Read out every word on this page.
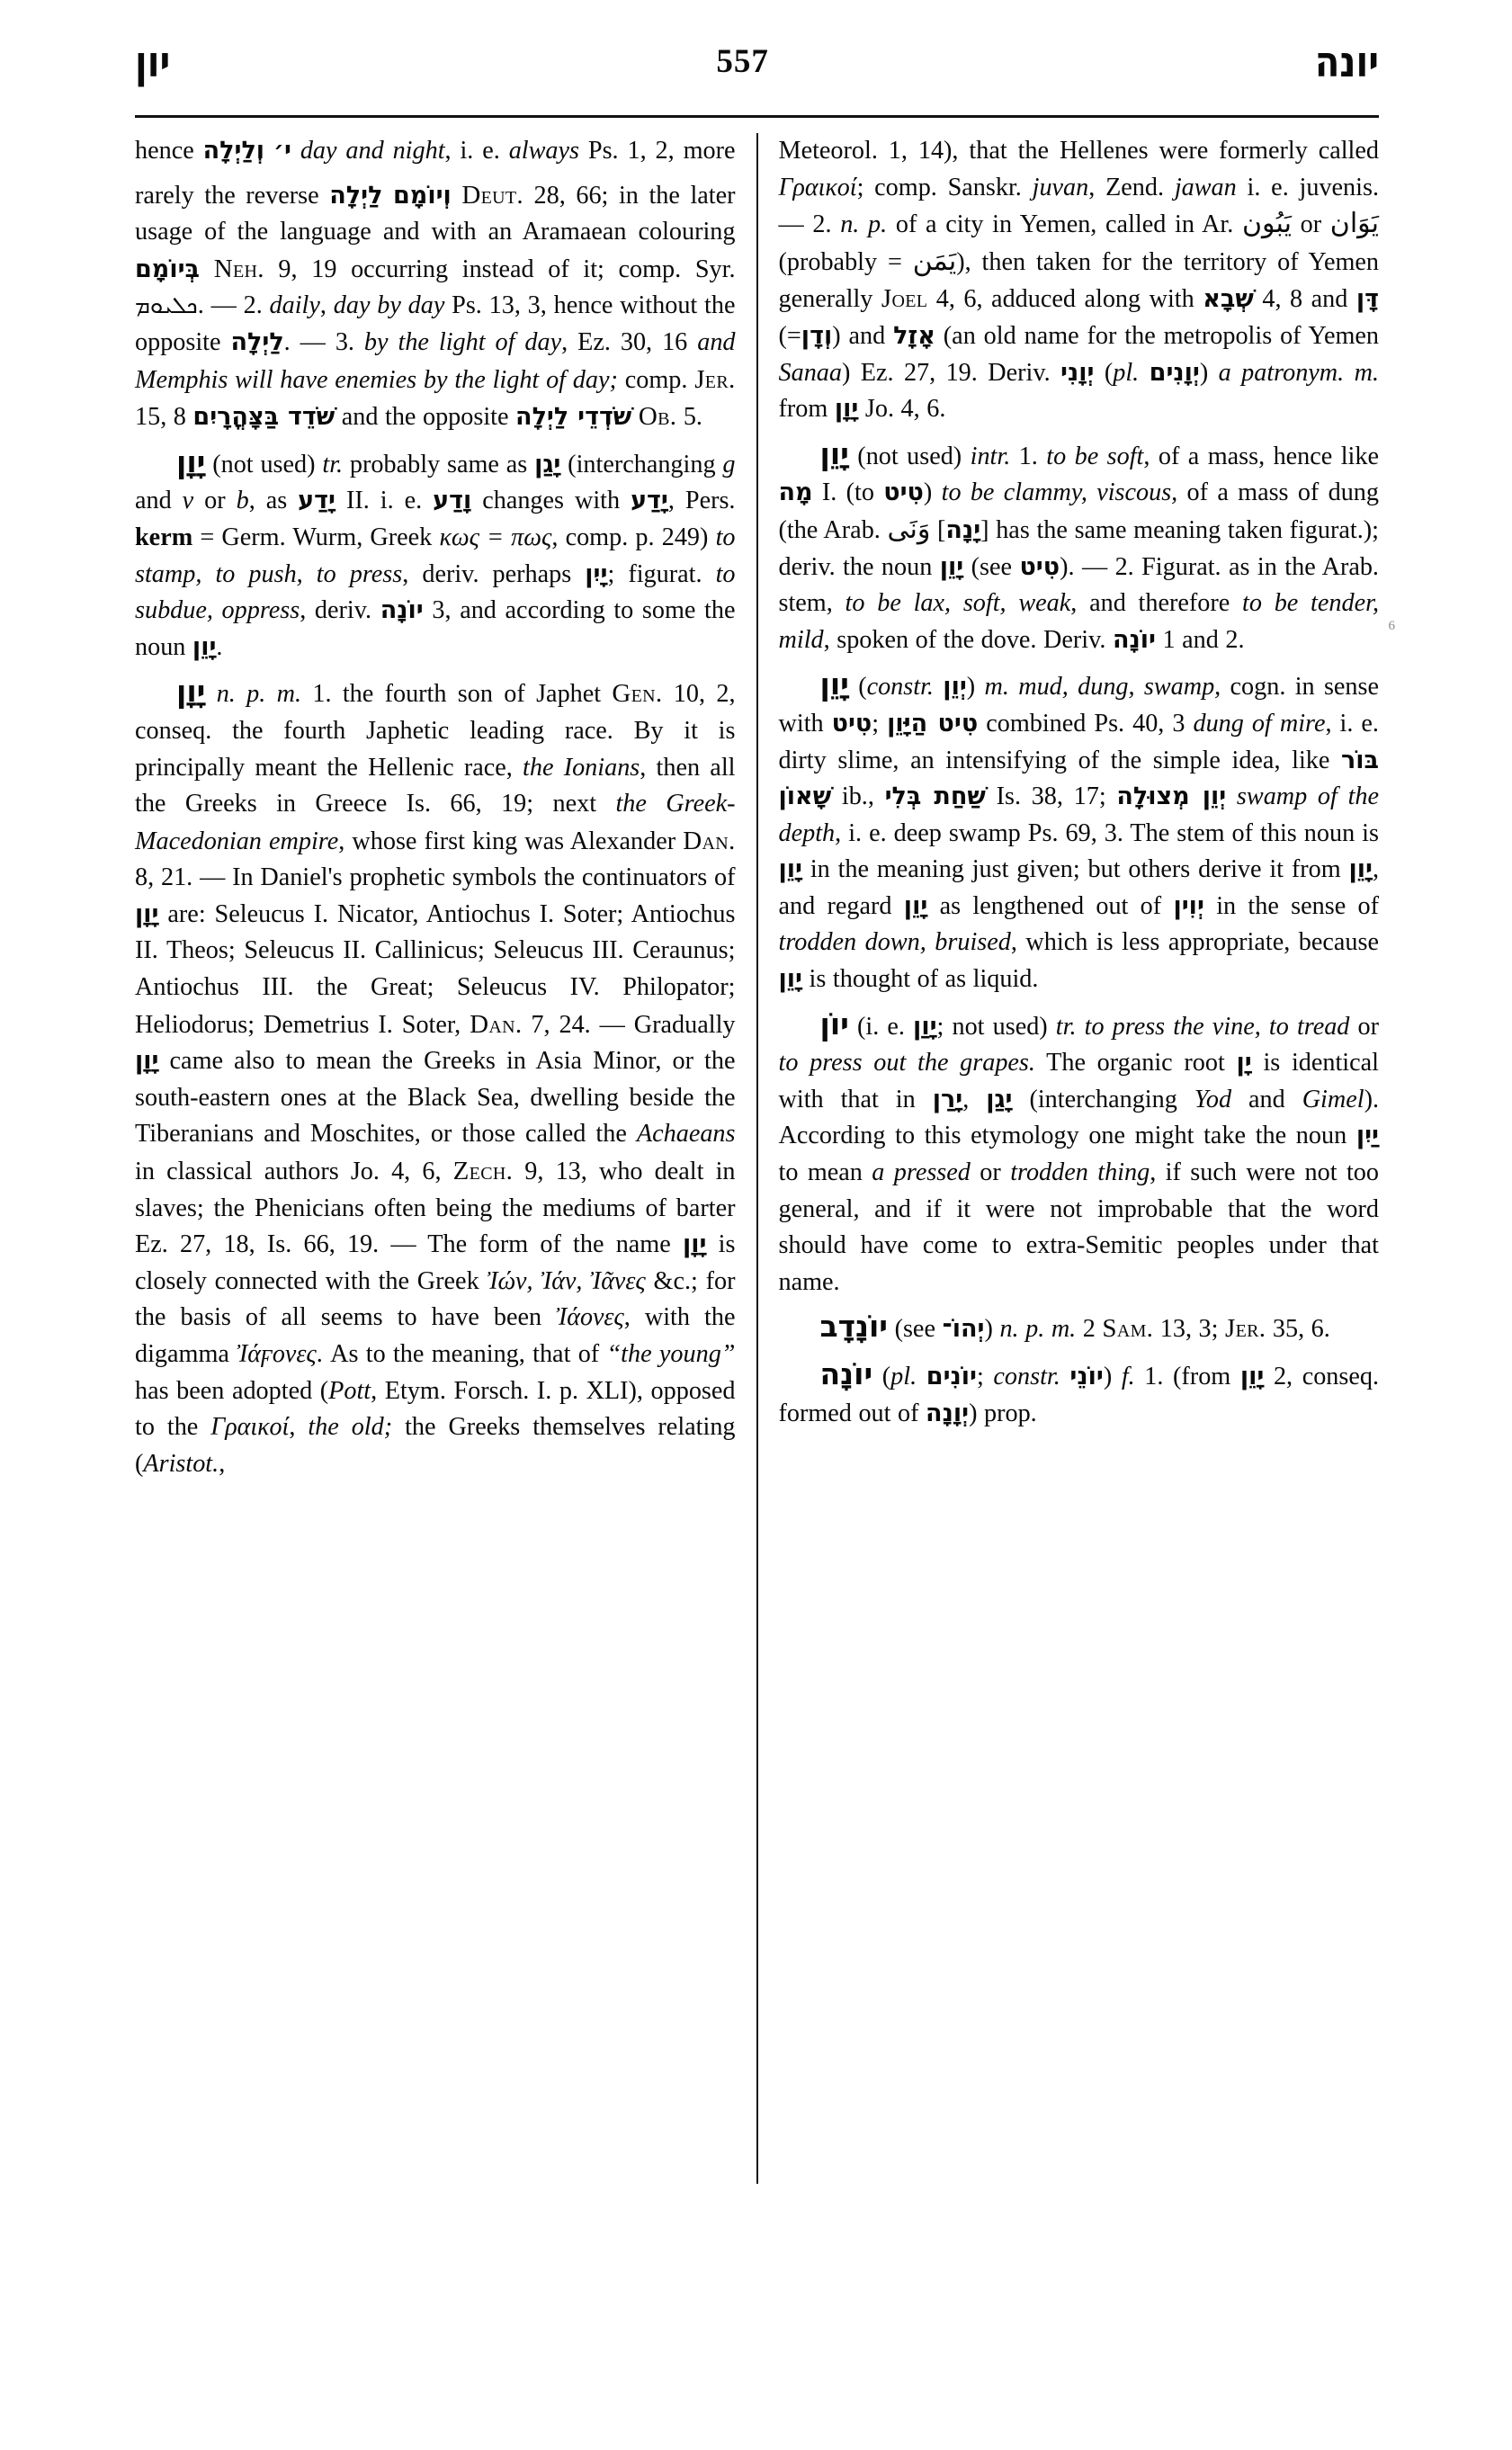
יון	557	יונה
hence וְלַיְלָה י׳ day and night, i. e. always Ps. 1, 2, more rarely the reverse לַיְלָה וְיוֹמָם Deut. 28, 66; in the later usage of the language and with an Aramaean colouring בְּיוֹמָם Neh. 9, 19 occurring instead of it; comp. Syr. ܟܠܝܘܡ. — 2. daily, day by day Ps. 13, 3, hence without the opposite לַיְלָה. — 3. by the light of day, Ez. 30, 16 and Memphis will have enemies by the light of day; comp. Jer. 15, 8 שֹׁדֵד בַּצָּהֳרָיִם and the opposite שֹׁדְדֵי לַיְלָה Ob. 5.
יָוָן (not used) tr. probably same as יָגַן (interchanging g and v or b, as יָדַע II. i. e. וָדַע changes with יָדַע, Pers. kerm = Germ. Wurm, Greek κως = πως, comp. p. 249) to stamp, to push, to press, deriv. perhaps יָיִן; figurat. to subdue, oppress, deriv. יוֹנָה 3, and according to some the noun יָוֵן.
יָוָן n. p. m. 1. the fourth son of Japhet Gen. 10, 2, conseq. the fourth Japhetic leading race. By it is principally meant the Hellenic race, the Ionians, then all the Greeks in Greece Is. 66, 19; next the Greek-Macedonian empire, whose first king was Alexander Dan. 8, 21. — In Daniel's prophetic symbols the continuators of יָוָן are: Seleucus I. Nicator, Antiochus I. Soter; Antiochus II. Theos; Seleucus II. Callinicus; Seleucus III. Ceraunus; Antiochus III. the Great; Seleucus IV. Philopator; Heliodorus; Demetrius I. Soter, Dan. 7, 24. — Gradually יָוָן came also to mean the Greeks in Asia Minor, or the south-eastern ones at the Black Sea, dwelling beside the Tiberanians and Moschites, or those called the Achaeans in classical authors Jo. 4, 6, Zech. 9, 13, who dealt in slaves; the Phenicians often being the mediums of barter Ez. 27, 18, Is. 66, 19. — The form of the name יָוָן is closely connected with the Greek Ἰών, Ἰάν, Ἰᾶνες &c.; for the basis of all seems to have been Ἰάονες, with the digamma Ἰάϝονες. As to the meaning, that of “the young” has been adopted (Pott, Etym. Forsch. I. p. XLI), opposed to the Γραικοί, the old; the Greeks themselves relating (Aristot.,
Meteorol. 1, 14), that the Hellenes were formerly called Γραικοί; comp. Sanskr. juvan, Zend. jawan i. e. juvenis. — 2. n. p. of a city in Yemen, called in Ar. يَبُون or يَوَان (probably = يَمَن), then taken for the territory of Yemen generally Joel 4, 6, adduced along with שְׁבָא 4, 8 and דָּן (=וְדָן) and אָזָל (an old name for the metropolis of Yemen Sanaa) Ez. 27, 19. Deriv. יְוָנִי (pl. יְוָנִים) a patronym. m. from יָוָן Jo. 4, 6.
יָוֵן (not used) intr. 1. to be soft, of a mass, hence like מָה I. (to טִיט) to be clammy, viscous, of a mass of dung (the Arab. وَنَى [יָנָה] has the same meaning taken figurat.); deriv. the noun יָוֵן (see טִיט). — 2. Figurat. as in the Arab. stem, to be lax, soft, weak, and therefore to be tender, mild, spoken of the dove. Deriv. יוֹנָה 1 and 2.
יָוֵן (constr. יְוֵן) m. mud, dung, swamp, cogn. in sense with טִיט; טִיט הַיָּוֵן combined Ps. 40, 3 dung of mire, i. e. dirty slime, an intensifying of the simple idea, like בּוֹר שָׁאוֹן ib., שַׁחַת בְּלִי Is. 38, 17; יְוֵן מְצוּלָה swamp of the depth, i. e. deep swamp Ps. 69, 3. The stem of this noun is יָוֵן in the meaning just given; but others derive it from יָוֵן, and regard יָוֵן as lengthened out of יְוִין in the sense of trodden down, bruised, which is less appropriate, because יָוֵן is thought of as liquid.
יוֹן (i. e. יָוַן; not used) tr. to press the vine, to tread or to press out the grapes. The organic root יָן is identical with that in יָרַן, יָגַן (interchanging Yod and Gimel). According to this etymology one might take the noun יַיִן to mean a pressed or trodden thing, if such were not too general, and if it were not improbable that the word should have come to extra-Semitic peoples under that name.
יוֹנָדָב (see יְהוֹ־) n. p. m. 2 Sam. 13, 3; Jer. 35, 6.
יוֹנָה (pl. יוֹנִים; constr. יוֹנֵי) f. 1. (from יָוֵן 2, conseq. formed out of יְוָנָה) prop.
6
